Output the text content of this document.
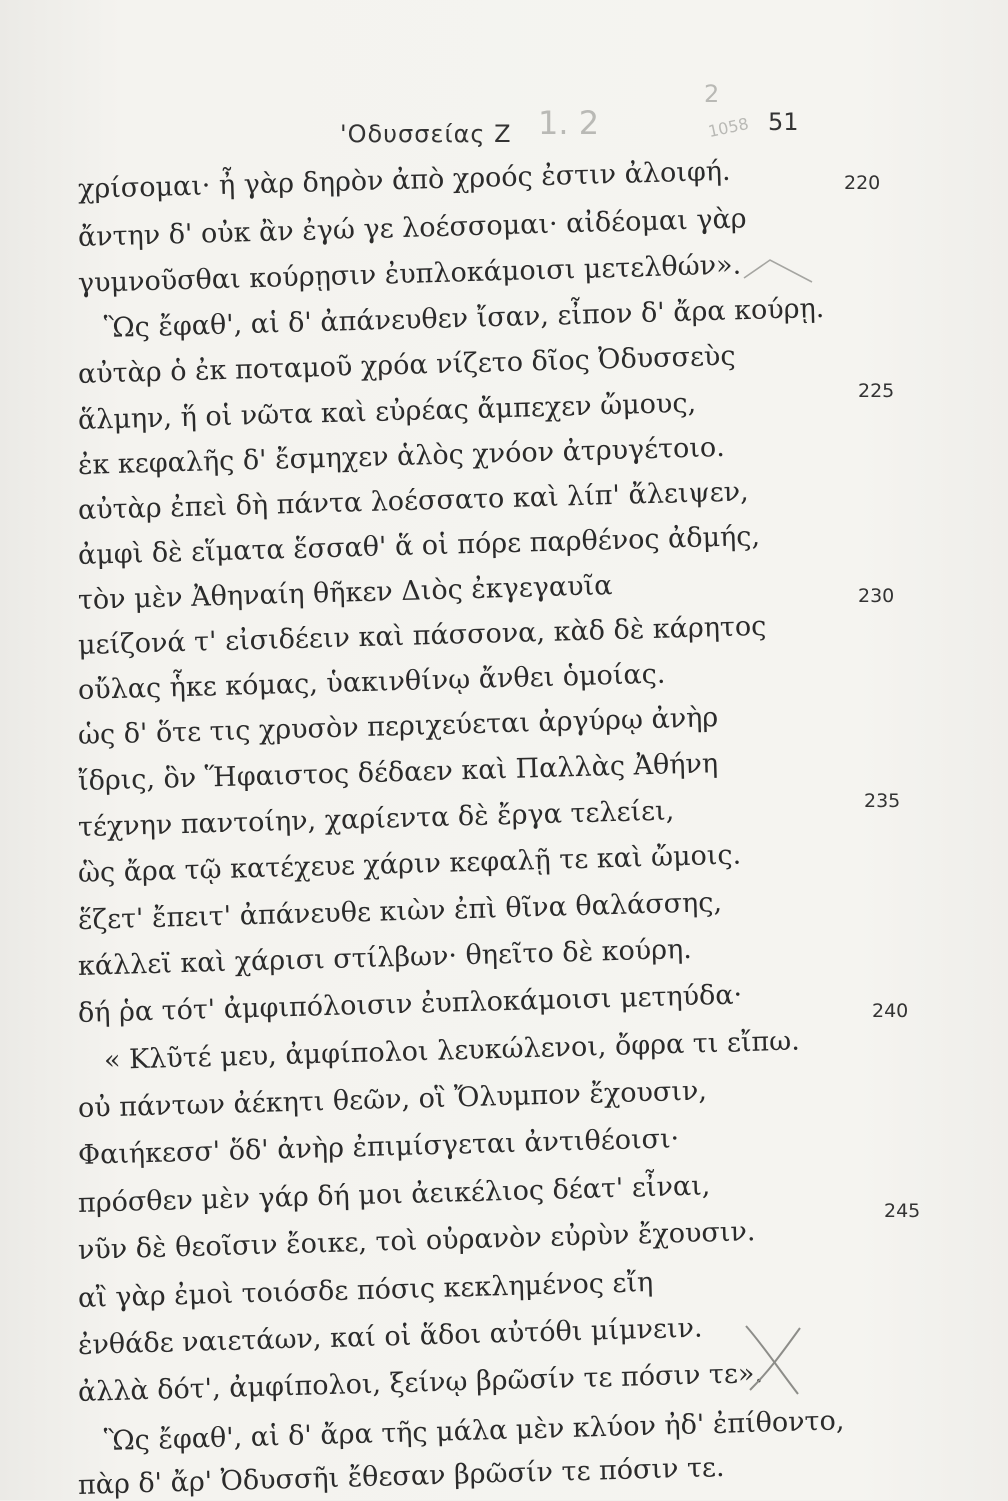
'Οδυσσείας Ζ	51
1. 2
2
1058
χρίσομαι· ἦ γὰρ δηρὸν ἀπὸ χροός ἐστιν ἀλοιφή.
ἄντην δ' οὐκ ἂν ἐγώ γε λοέσσομαι· αἰδέομαι γὰρ
γυμνοῦσθαι κούρῃσιν ἐυπλοκάμοισι μετελθών».
Ὣς ἔφαθ', αἱ δ' ἀπάνευθεν ἴσαν, εἶπον δ' ἄρα κούρῃ.
αὐτὰρ ὁ ἐκ ποταμοῦ χρόα νίζετο δῖος Ὀδυσσεὺς
ἅλμην, ἥ οἱ νῶτα καὶ εὐρέας ἄμπεχεν ὤμους,
ἐκ κεφαλῆς δ' ἔσμηχεν ἁλὸς χνόον ἀτρυγέτοιο.
αὐτὰρ ἐπεὶ δὴ πάντα λοέσσατο καὶ λίπ' ἄλειψεν,
ἀμφὶ δὲ εἵματα ἕσσαθ' ἅ οἱ πόρε παρθένος ἀδμής,
τὸν μὲν Ἀθηναίη θῆκεν Διὸς ἐκγεγαυῖα
μείζονά τ' εἰσιδέειν καὶ πάσσονα, κὰδ δὲ κάρητος
οὔλας ἧκε κόμας, ὑακινθίνῳ ἄνθει ὁμοίας.
ὡς δ' ὅτε τις χρυσὸν περιχεύεται ἀργύρῳ ἀνὴρ
ἴδρις, ὃν Ἥφαιστος δέδαεν καὶ Παλλὰς Ἀθήνη
τέχνην παντοίην, χαρίεντα δὲ ἔργα τελείει,
ὣς ἄρα τῷ κατέχευε χάριν κεφαλῇ τε καὶ ὤμοις.
ἕζετ' ἔπειτ' ἀπάνευθε κιὼν ἐπὶ θῖνα θαλάσσης,
κάλλεϊ καὶ χάρισι στίλβων· θηεῖτο δὲ κούρη.
δή ῥα τότ' ἀμφιπόλοισιν ἐυπλοκάμοισι μετηύδα·
« Κλῦτέ μευ, ἀμφίπολοι λευκώλενοι, ὄφρα τι εἴπω.
οὐ πάντων ἀέκητι θεῶν, οἳ Ὄλυμπον ἔχουσιν,
Φαιήκεσσ' ὅδ' ἀνὴρ ἐπιμίσγεται ἀντιθέοισι·
πρόσθεν μὲν γάρ δή μοι ἀεικέλιος δέατ' εἶναι,
νῦν δὲ θεοῖσιν ἔοικε, τοὶ οὐρανὸν εὐρὺν ἔχουσιν.
αἲ γὰρ ἐμοὶ τοιόσδε πόσις κεκλημένος εἴη
ἐνθάδε ναιετάων, καί οἱ ἅδοι αὐτόθι μίμνειν.
ἀλλὰ δότ', ἀμφίπολοι, ξείνῳ βρῶσίν τε πόσιν τε».
Ὣς ἔφαθ', αἱ δ' ἄρα τῆς μάλα μὲν κλύον ἠδ' ἐπίθοντο,
πὰρ δ' ἄρ' Ὀδυσσῆι ἔθεσαν βρῶσίν τε πόσιν τε.
220
225
230
235
240
245
